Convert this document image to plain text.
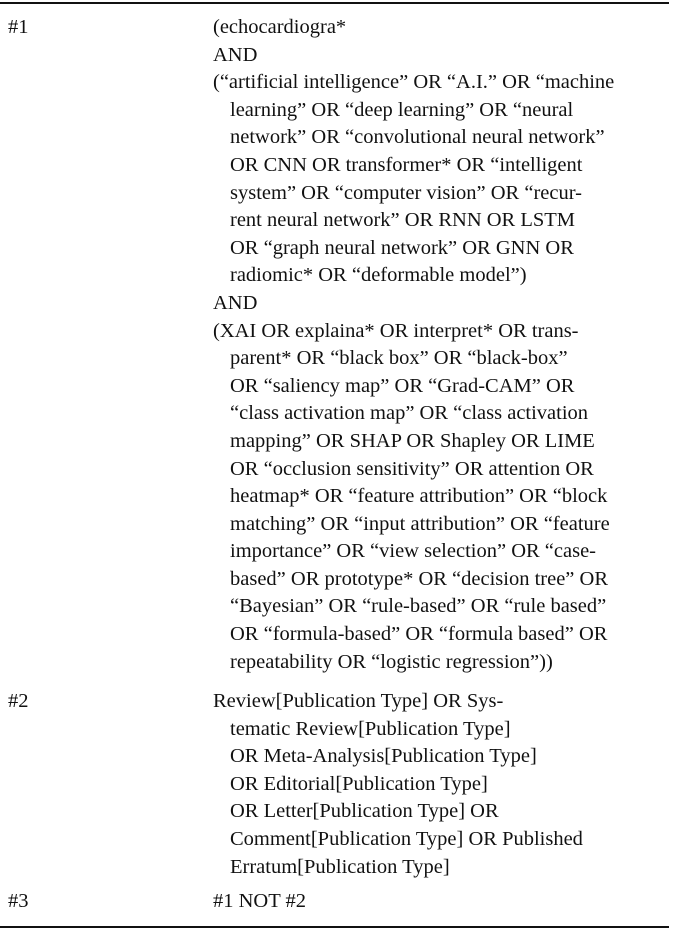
#1	(echocardiogra*
AND
(“artificial intelligence” OR “A.I.” OR “machine
learning” OR “deep learning” OR “neural
network” OR “convolutional neural network”
OR CNN OR transformer* OR “intelligent
system” OR “computer vision” OR “recur-
rent neural network” OR RNN OR LSTM
OR “graph neural network” OR GNN OR
radiomic* OR “deformable model”)
AND
(XAI OR explaina* OR interpret* OR trans-
parent* OR “black box” OR “black-box”
OR “saliency map” OR “Grad-CAM” OR
“class activation map” OR “class activation
mapping” OR SHAP OR Shapley OR LIME
OR “occlusion sensitivity” OR attention OR
heatmap* OR “feature attribution” OR “block
matching” OR “input attribution” OR “feature
importance” OR “view selection” OR “case-
based” OR prototype* OR “decision tree” OR
“Bayesian” OR “rule-based” OR “rule based”
OR “formula-based” OR “formula based” OR
repeatability OR “logistic regression”))
#2	Review[Publication Type] OR Sys-
tematic Review[Publication Type]
OR Meta-Analysis[Publication Type]
OR Editorial[Publication Type]
OR Letter[Publication Type] OR
Comment[Publication Type] OR Published
Erratum[Publication Type]
#3	#1 NOT #2
